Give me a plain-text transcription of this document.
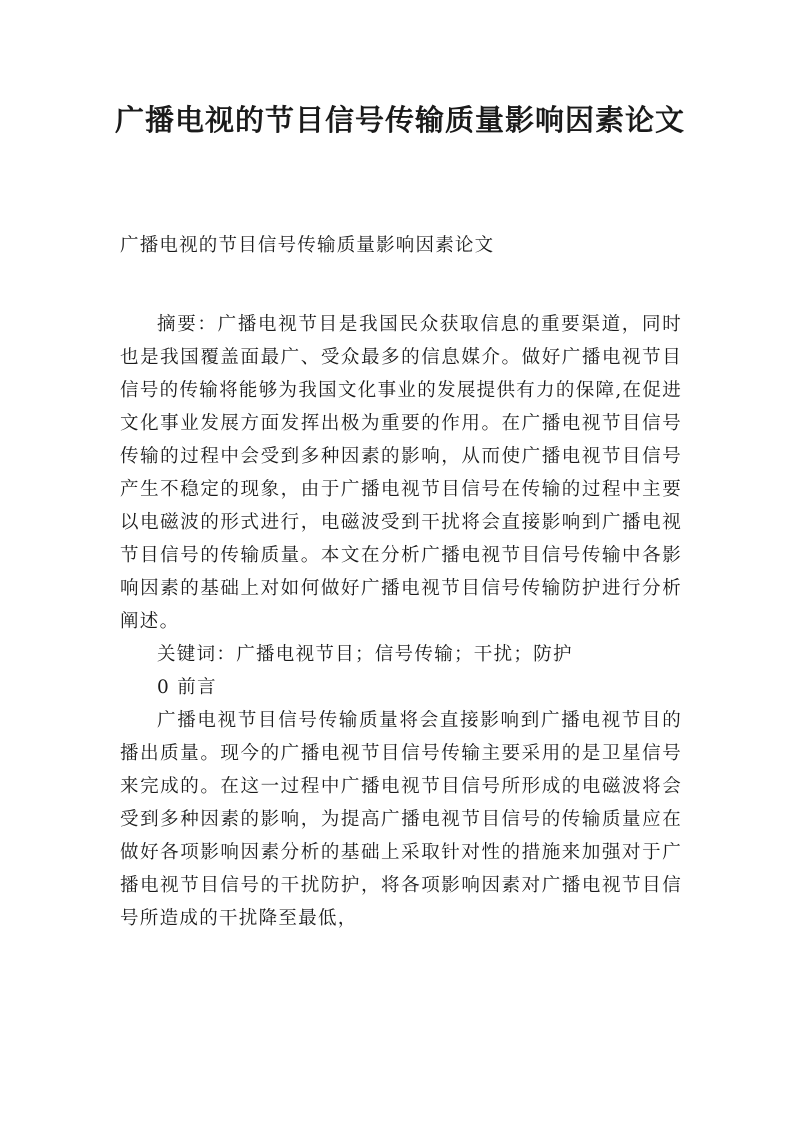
广播电视的节目信号传输质量影响因素论文

广播电视的节目信号传输质量影响因素论文

摘要：广播电视节目是我国民众获取信息的重要渠道，同时也是我国覆盖面最广、受众最多的信息媒介。做好广播电视节目信号的传输将能够为我国文化事业的发展提供有力的保障,在促进文化事业发展方面发挥出极为重要的作用。在广播电视节目信号传输的过程中会受到多种因素的影响，从而使广播电视节目信号产生不稳定的现象，由于广播电视节目信号在传输的过程中主要以电磁波的形式进行，电磁波受到干扰将会直接影响到广播电视节目信号的传输质量。本文在分析广播电视节目信号传输中各影响因素的基础上对如何做好广播电视节目信号传输防护进行分析阐述。

关键词：广播电视节目；信号传输；干扰；防护

0 前言

广播电视节目信号传输质量将会直接影响到广播电视节目的播出质量。现今的广播电视节目信号传输主要采用的是卫星信号来完成的。在这一过程中广播电视节目信号所形成的电磁波将会受到多种因素的影响，为提高广播电视节目信号的传输质量应在做好各项影响因素分析的基础上采取针对性的措施来加强对于广播电视节目信号的干扰防护，将各项影响因素对广播电视节目信号所造成的干扰降至最低，
